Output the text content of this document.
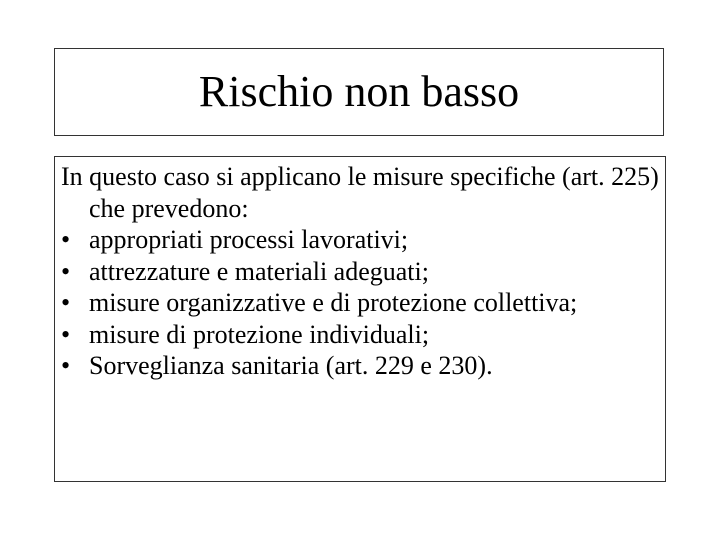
Rischio non basso

In questo caso si applicano le misure specifiche (art. 225) che prevedono:

• appropriati processi lavorativi;
• attrezzature e materiali adeguati;
• misure organizzative e di protezione collettiva;
• misure di protezione individuali;
• Sorveglianza sanitaria (art. 229 e 230).
